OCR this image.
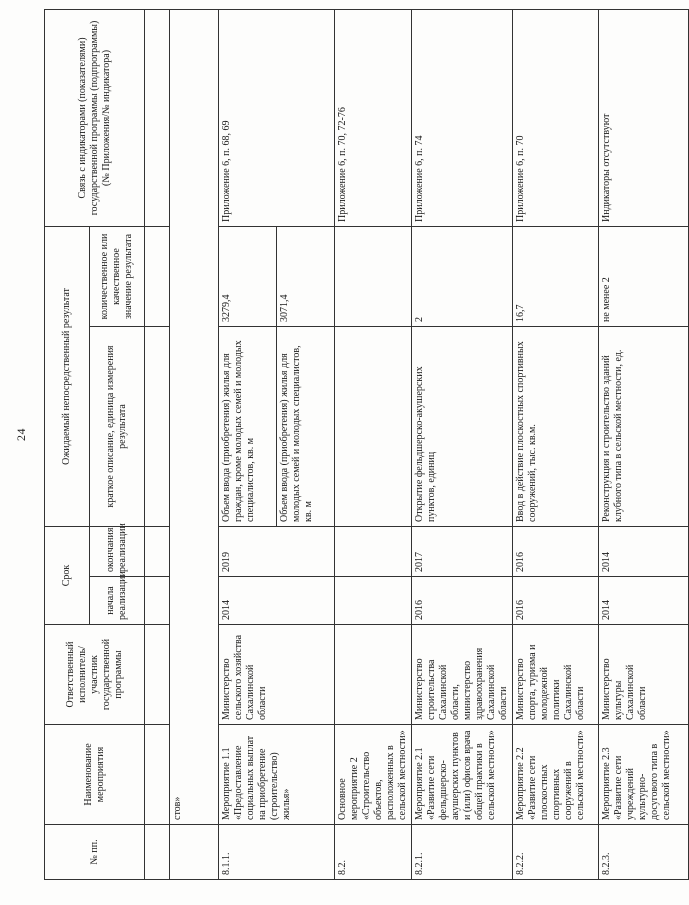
24
№ пп.	Наименование мероприятия	Ответственный исполнитель/участник государственной программы	Срок		Ожидаемый непосредственный результат		Связь с индикаторами (показателями) государственной программы (подпрограммы) (№ Приложения/№ индикатора)
			начала реализации	окончания реализации	краткое описание, единица измерения результата	количественное или качественное значение результата	

	стов»						
8.1.1.	Мероприятие 1.1 «Предоставление социальных выплат на приобретение (строительство) жилья»	Министерство сельского хозяйства Сахалинской области	2014	2019	Объем ввода (приобретения) жилья для граждан, кроме молодых семей и молодых специалистов, кв. м	3279,4	Приложение 6, п. 68, 69
					Объем ввода (приобретения) жилья для молодых семей и молодых специалистов, кв. м	3071,4	
8.2.	Основное мероприятие 2 «Строительство объектов, расположенных в сельской местности»						Приложение 6, п. 70, 72-76
8.2.1.	Мероприятие 2.1 «Развитие сети фельдшерско-акушерских пунктов и (или) офисов врача общей практики в сельской местности»	Министерство строительства Сахалинской области, министерство здравоохранения Сахалинской области	2016	2017	Открытие фельдшерско-акушерских пунктов, единиц	2	Приложение 6, п. 74
8.2.2.	Мероприятие 2.2 «Развитие сети плоскостных спортивных сооружений в сельской местности»	Министерство спорта, туризма и молодежной политики Сахалинской области	2016	2016	Ввод в действие плоскостных спортивных сооружений, тыс. кв.м.	16,7	Приложение 6, п. 70
8.2.3.	Мероприятие 2.3 «Развитие сети учреждений культурно-досугового типа в сельской местности»	Министерство культуры Сахалинской области	2014	2014	Реконструкция и строительство зданий клубного типа в сельской местности, ед.	не менее 2	Индикаторы отсутствуют
